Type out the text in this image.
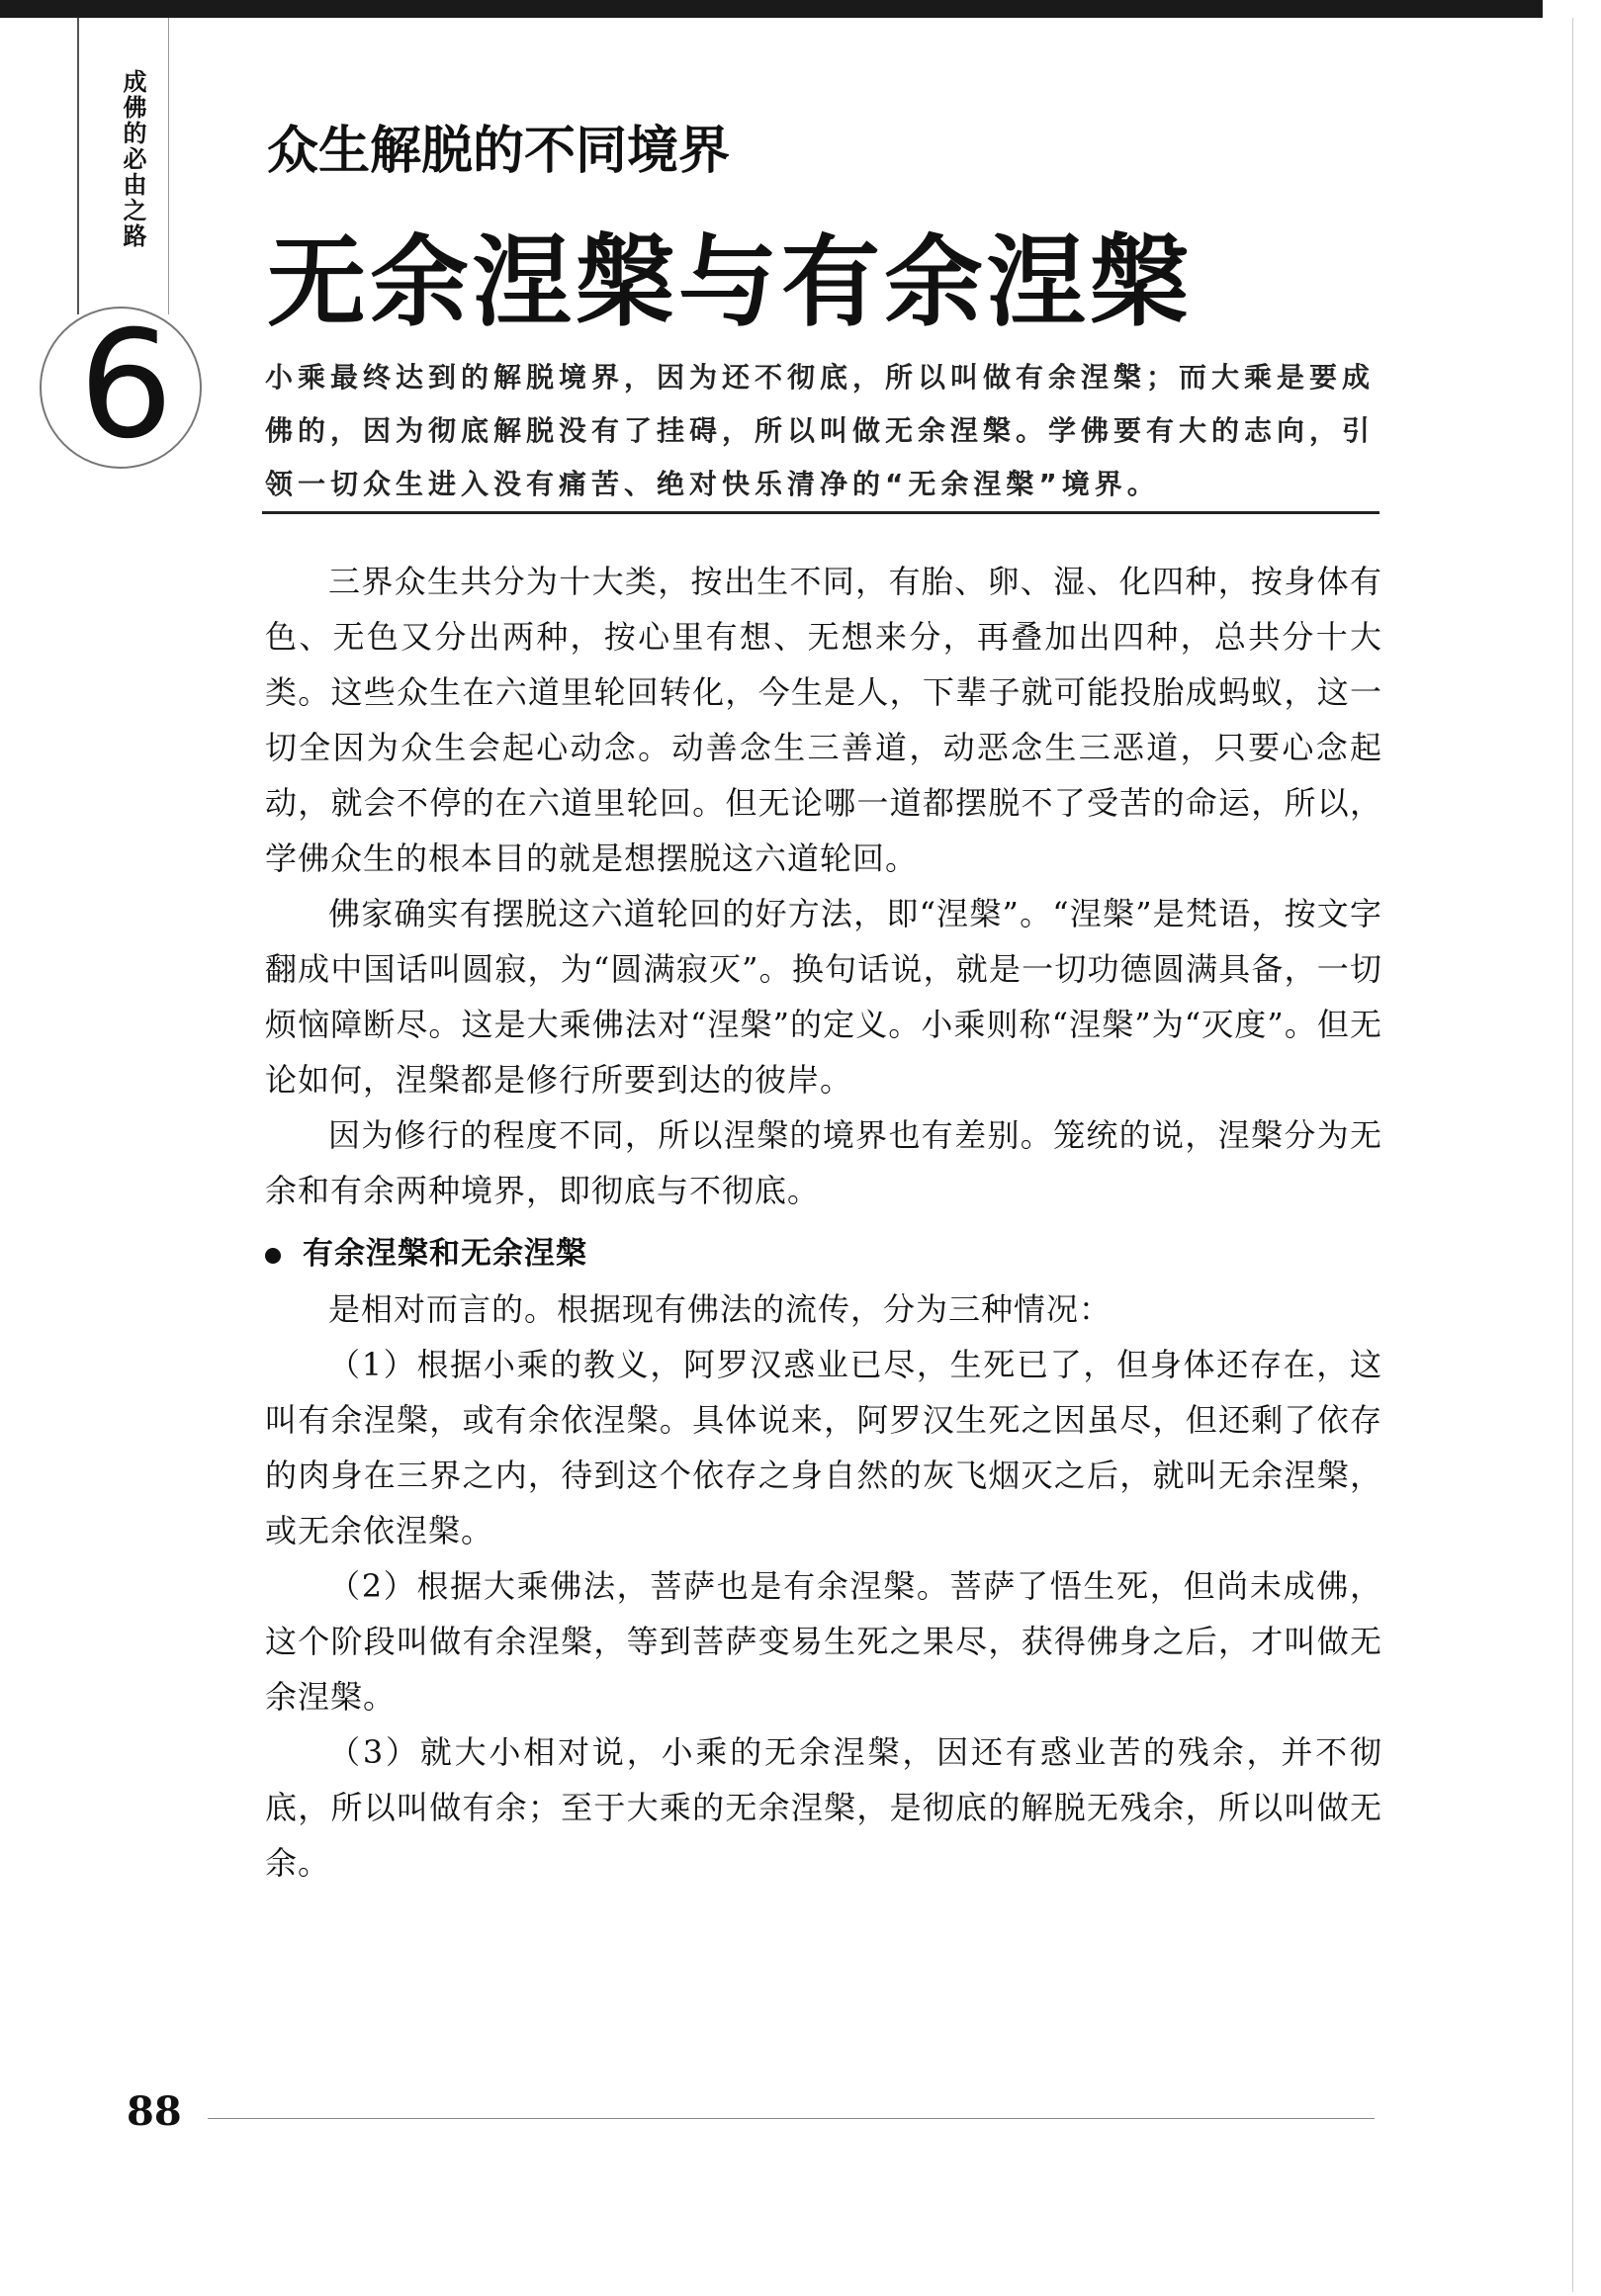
成佛的必由之路
6
众生解脱的不同境界
无余涅槃与有余涅槃
小乘最终达到的解脱境界，因为还不彻底，所以叫做有余涅槃；而大乘是要成佛的，因为彻底解脱没有了挂碍，所以叫做无余涅槃。学佛要有大的志向，引领一切众生进入没有痛苦、绝对快乐清净的“无余涅槃”境界。

三界众生共分为十大类，按出生不同，有胎、卵、湿、化四种，按身体有色、无色又分出两种，按心里有想、无想来分，再叠加出四种，总共分十大类。这些众生在六道里轮回转化，今生是人，下辈子就可能投胎成蚂蚁，这一切全因为众生会起心动念。动善念生三善道，动恶念生三恶道，只要心念起动，就会不停的在六道里轮回。但无论哪一道都摆脱不了受苦的命运，所以，学佛众生的根本目的就是想摆脱这六道轮回。

佛家确实有摆脱这六道轮回的好方法，即“涅槃”。“涅槃”是梵语，按文字翻成中国话叫圆寂，为“圆满寂灭”。换句话说，就是一切功德圆满具备，一切烦恼障断尽。这是大乘佛法对“涅槃”的定义。小乘则称“涅槃”为“灭度”。但无论如何，涅槃都是修行所要到达的彼岸。

因为修行的程度不同，所以涅槃的境界也有差别。笼统的说，涅槃分为无余和有余两种境界，即彻底与不彻底。

有余涅槃和无余涅槃

是相对而言的。根据现有佛法的流传，分为三种情况：

（1）根据小乘的教义，阿罗汉惑业已尽，生死已了，但身体还存在，这叫有余涅槃，或有余依涅槃。具体说来，阿罗汉生死之因虽尽，但还剩了依存的肉身在三界之内，待到这个依存之身自然的灰飞烟灭之后，就叫无余涅槃，或无余依涅槃。

（2）根据大乘佛法，菩萨也是有余涅槃。菩萨了悟生死，但尚未成佛，这个阶段叫做有余涅槃，等到菩萨变易生死之果尽，获得佛身之后，才叫做无余涅槃。

（3）就大小相对说，小乘的无余涅槃，因还有惑业苦的残余，并不彻底，所以叫做有余；至于大乘的无余涅槃，是彻底的解脱无残余，所以叫做无余。

88
